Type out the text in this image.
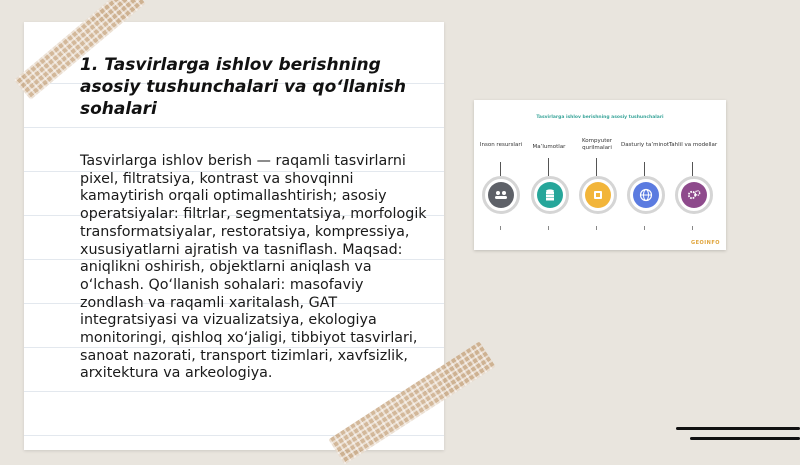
1. Tasvirlarga ishlov berishning asosiy tushunchalari va qo‘llanish sohalari

Tasvirlarga ishlov berish — raqamli tasvirlarni pixel, filtratsiya, kontrast va shovqinni kamaytirish orqali optimallashtirish; asosiy operatsiyalar: filtrlar, segmentatsiya, morfologik transformatsiyalar, restoratsiya, kompressiya, xususiyatlarni ajratish va tasniflash. Maqsad: aniqlikni oshirish, objektlarni aniqlash va o‘lchash. Qo‘llanish sohalari: masofaviy zondlash va raqamli xaritalash, GAT integratsiyasi va vizualizatsiya, ekologiya monitoringi, qishloq xo‘jaligi, tibbiyot tasvirlari, sanoat nazorati, transport tizimlari, xavfsizlik, arxitektura va arkeologiya.

Tasvirlarga ishlov berishning asosiy tushunchalari
Inson resurslari	Ma’lumotlar
Kompyuter qurilmalari	Dasturiy ta’minot Tahlil va modellar
GEOINFO
